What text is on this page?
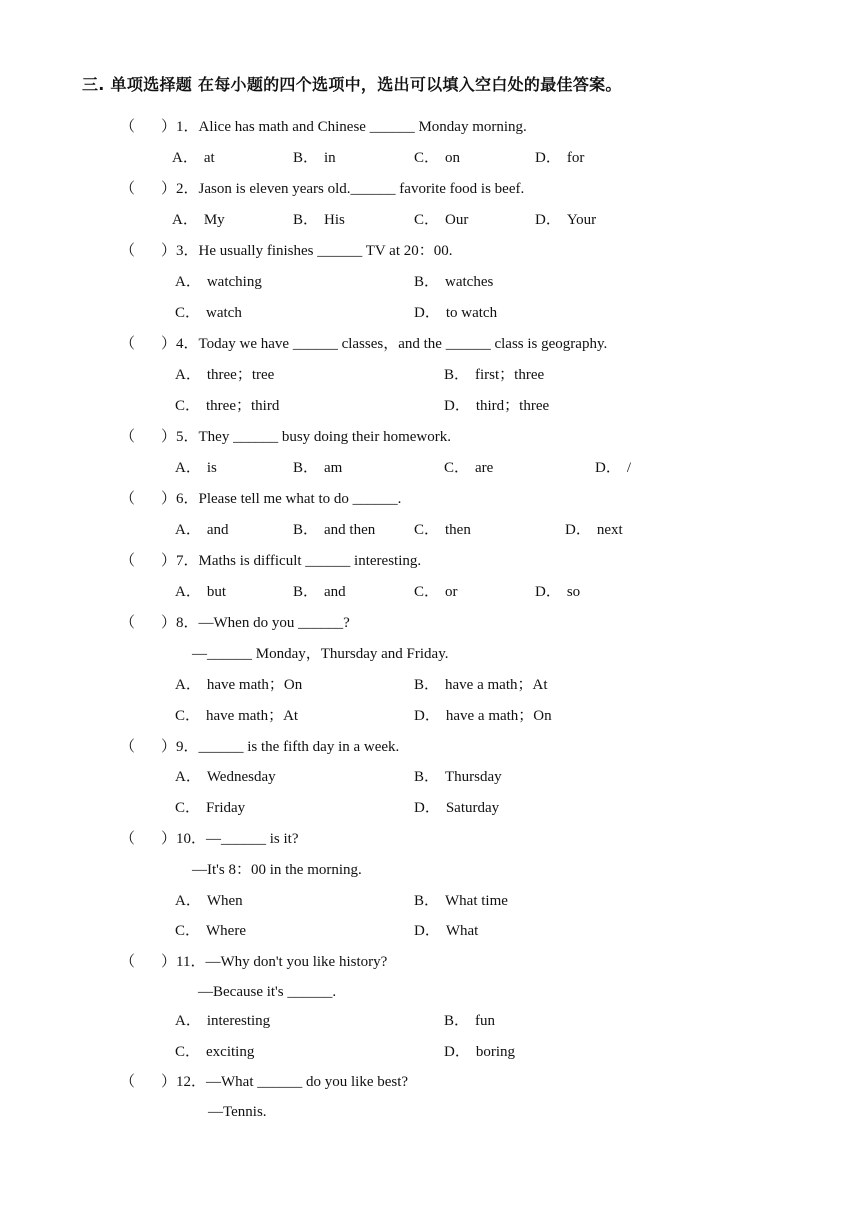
三. 单项选择题 在每小题的四个选项中，选出可以填入空白处的最佳答案。
（ ） 1．Alice has math and Chinese ______ Monday morning.
A． at	B． in	C． on	D． for
（ ） 2．Jason is eleven years old.______ favorite food is beef.
A． My	B． His	C． Our	D． Your
（ ） 3．He usually finishes ______ TV at 20：00.
A． watching	B． watches
C． watch	D． to watch
（ ） 4．Today we have ______ classes，and the ______ class is geography.
A． three；tree	B． first；three
C． three；third	D． third；three
（ ） 5．They ______ busy doing their homework.
A． is	B． am	C． are	D． /
（ ） 6．Please tell me what to do ______.
A． and	B． and then	C． then	D． next
（ ） 7．Maths is difficult ______ interesting.
A． but	B． and	C． or	D． so
（ ） 8．—When do you ______?
—______ Monday，Thursday and Friday.
A． have math；On	B． have a math；At
C． have math；At	D． have a math；On
（ ） 9．______ is the fifth day in a week.
A． Wednesday	B． Thursday
C． Friday	D． Saturday
（ ） 10．—______ is it?
—It's 8：00 in the morning.
A． When	B． What time
C． Where	D． What
（ ） 11．—Why don't you like history?
—Because it's ______.
A． interesting	B． fun
C． exciting	D． boring
（ ） 12．—What ______ do you like best?
—Tennis.
